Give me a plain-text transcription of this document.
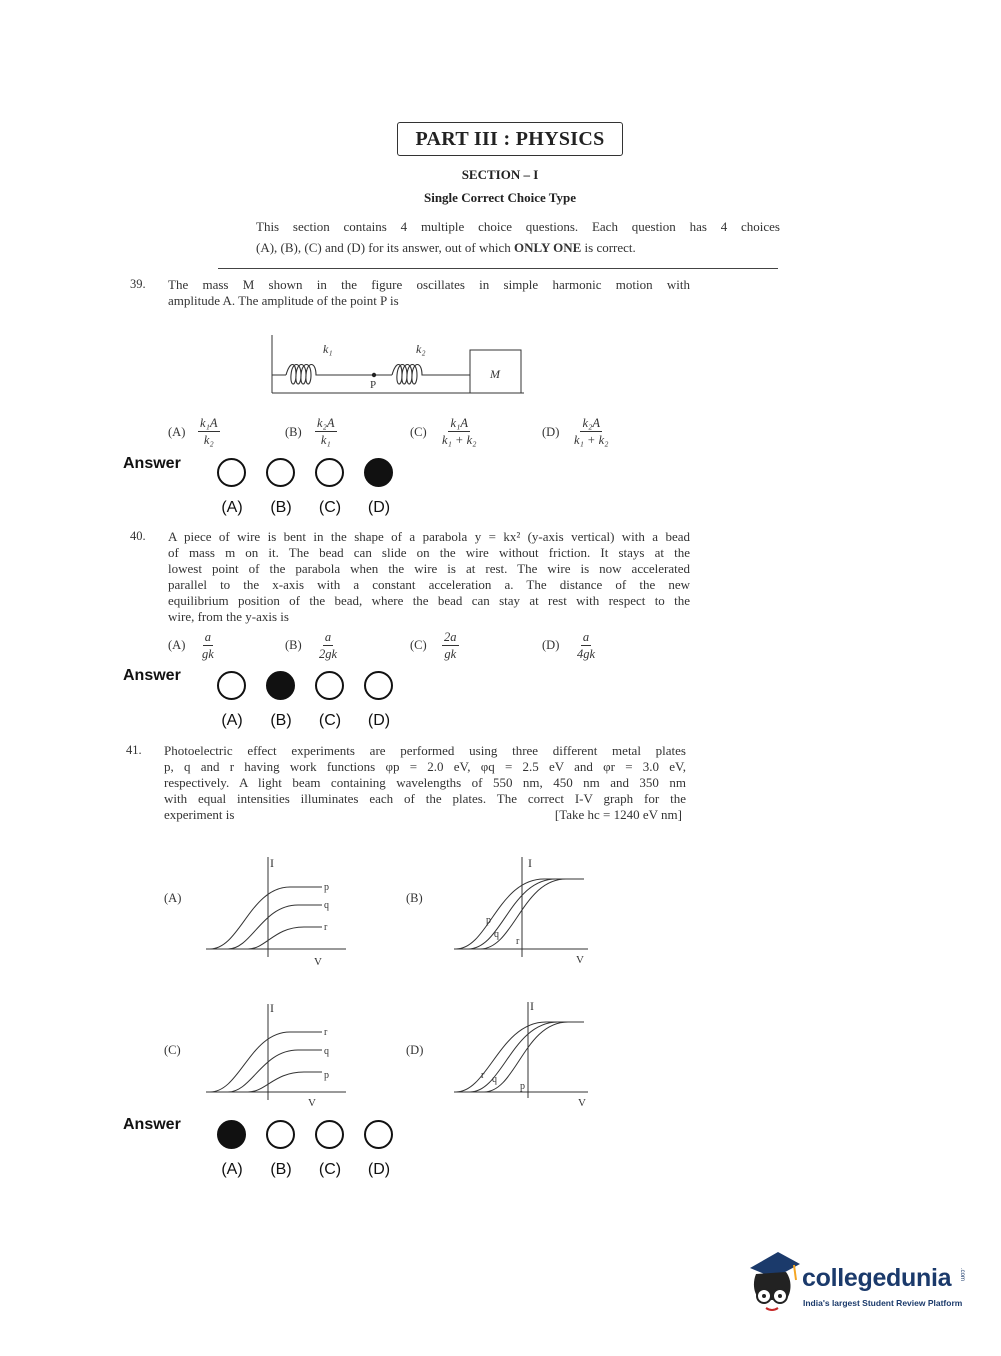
PART III : PHYSICS
SECTION – I
Single Correct Choice Type
This section contains 4 multiple choice questions. Each question has 4 choices
(A), (B), (C) and (D) for its answer, out of which ONLY ONE is correct.
39. The mass M shown in the figure oscillates in simple harmonic motion with
amplitude A. The amplitude of the point P is
k₁	k₂
M
P
$(A) \frac{\text{k₁A}}{\text{k₂}}$	$(B) \frac{\text{k₂A}}{\text{k₁}}$	$(C) \frac{\text{k₁A}}{\text{k₁ + k₂}}$	$(D) \frac{\text{k₂A}}{\text{k₁ + k₂}}$
Answer
(A)	(B)	(C)	(D)
40. A piece of wire is bent in the shape of a parabola y = kx² (y-axis vertical) with a bead
of mass m on it. The bead can slide on the wire without friction. It stays at the
lowest point of the parabola when the wire is at rest. The wire is now accelerated
parallel to the x-axis with a constant acceleration a. The distance of the new
equilibrium position of the bead, where the bead can stay at rest with respect to the
wire, from the y-axis is
$(A) \frac{a}{gk}$	$(B) \frac{a}{2gk}$	$(C) \frac{2a}{gk}$	$(D) \frac{a}{4gk}$
Answer
(A)	(B)	(C)	(D)
41. Photoelectric effect experiments are performed using three different metal plates
p, q and r having work functions φp = 2.0 eV, φq = 2.5 eV and φr = 3.0 eV,
respectively. A light beam containing wavelengths of 550 nm, 450 nm and 350 nm
with equal intensities illuminates each of the plates. The correct I-V graph for the
experiment is	[Take hc = 1240 eV nm]
(A)	(B)
(C)	(D)
I
V
p
q
r
I
V
p
q
r
I
V
r
q
p
I
V
r q
p
Answer
(A)	(B)	(C)	(D)
collegedunia .com
India's largest Student Review Platform
